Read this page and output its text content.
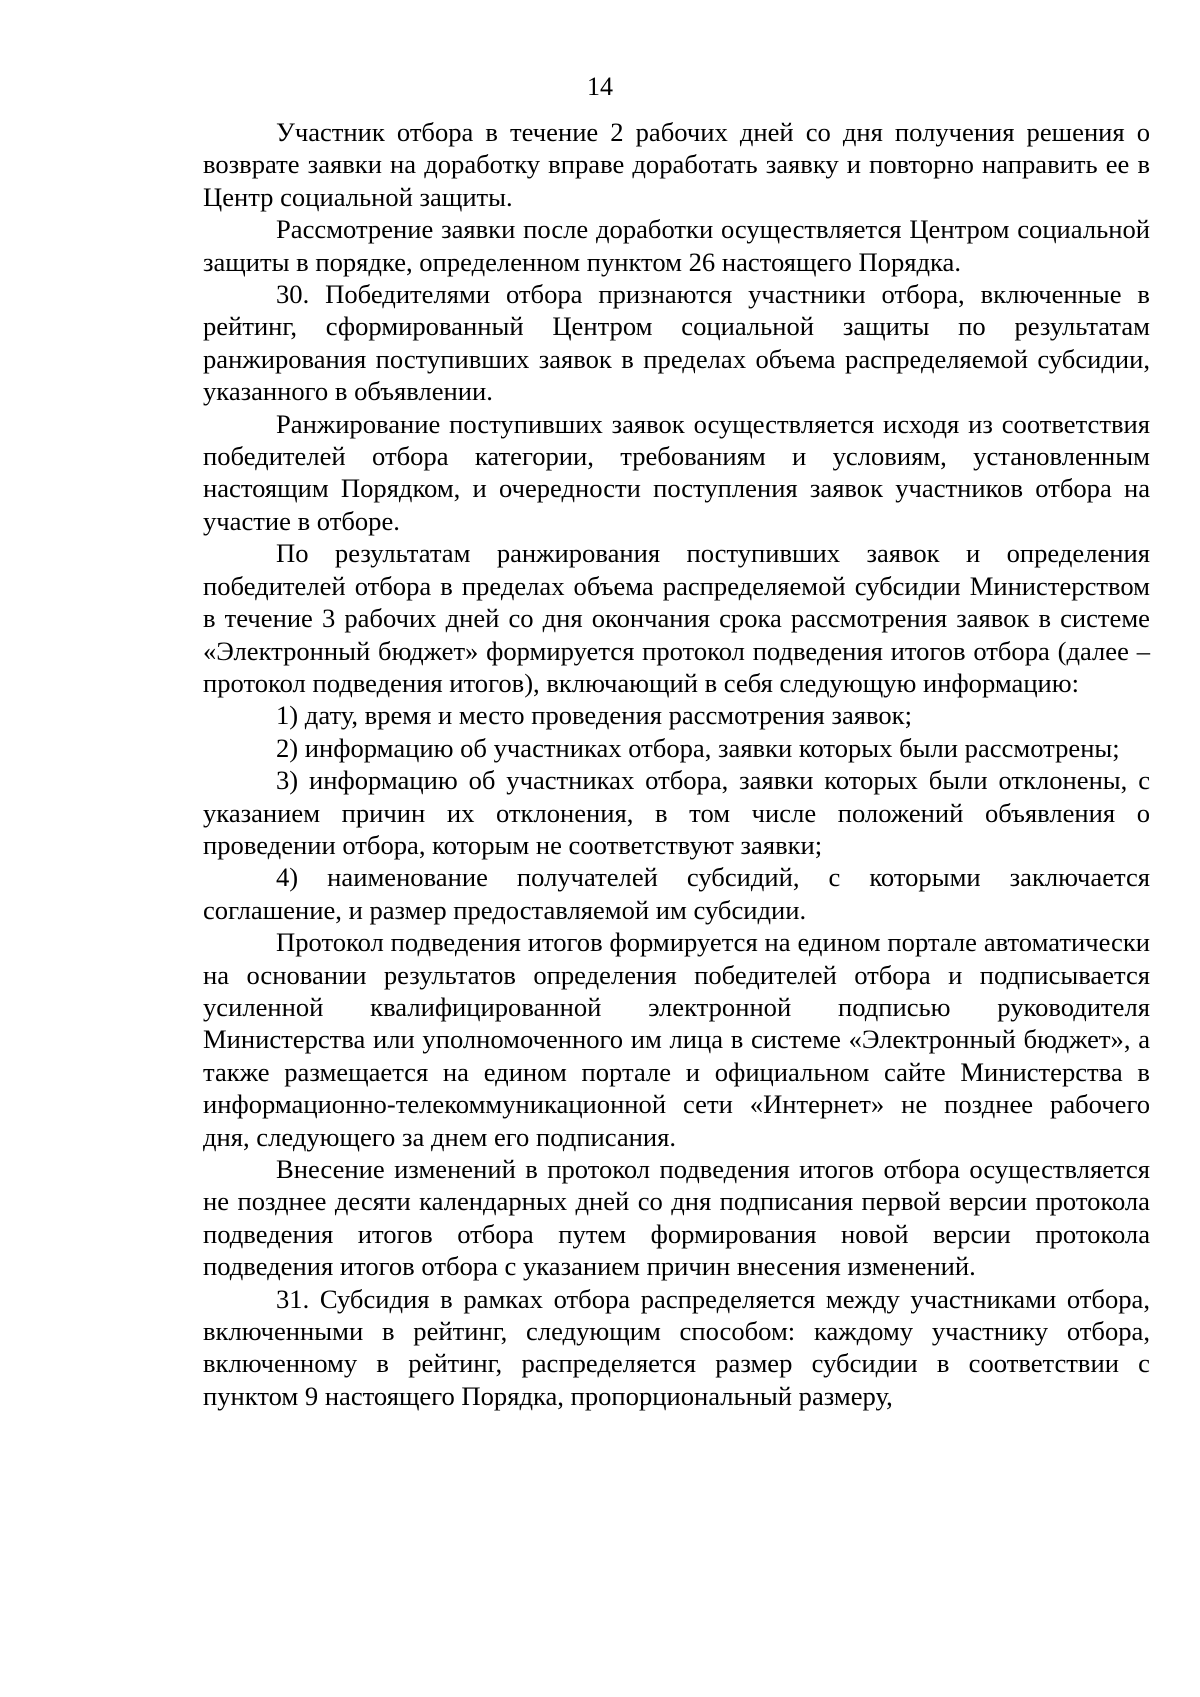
14

Участник отбора в течение 2 рабочих дней со дня получения решения о возврате заявки на доработку вправе доработать заявку и повторно направить ее в Центр социальной защиты.

Рассмотрение заявки после доработки осуществляется Центром социальной защиты в порядке, определенном пунктом 26 настоящего Порядка.

30. Победителями отбора признаются участники отбора, включенные в рейтинг, сформированный Центром социальной защиты по результатам ранжирования поступивших заявок в пределах объема распределяемой субсидии, указанного в объявлении.

Ранжирование поступивших заявок осуществляется исходя из соответствия победителей отбора категории, требованиям и условиям, установленным настоящим Порядком, и очередности поступления заявок участников отбора на участие в отборе.

По результатам ранжирования поступивших заявок и определения победителей отбора в пределах объема распределяемой субсидии Министерством в течение 3 рабочих дней со дня окончания срока рассмотрения заявок в системе «Электронный бюджет» формируется протокол подведения итогов отбора (далее – протокол подведения итогов), включающий в себя следующую информацию:

1) дату, время и место проведения рассмотрения заявок;

2) информацию об участниках отбора, заявки которых были рассмотрены;

3) информацию об участниках отбора, заявки которых были отклонены, с указанием причин их отклонения, в том числе положений объявления о проведении отбора, которым не соответствуют заявки;

4) наименование получателей субсидий, с которыми заключается соглашение, и размер предоставляемой им субсидии.

Протокол подведения итогов формируется на едином портале автоматически на основании результатов определения победителей отбора и подписывается усиленной квалифицированной электронной подписью руководителя Министерства или уполномоченного им лица в системе «Электронный бюджет», а также размещается на едином портале и официальном сайте Министерства в информационно-телекоммуникационной сети «Интернет» не позднее рабочего дня, следующего за днем его подписания.

Внесение изменений в протокол подведения итогов отбора осуществляется не позднее десяти календарных дней со дня подписания первой версии протокола подведения итогов отбора путем формирования новой версии протокола подведения итогов отбора с указанием причин внесения изменений.

31. Субсидия в рамках отбора распределяется между участниками отбора, включенными в рейтинг, следующим способом: каждому участнику отбора, включенному в рейтинг, распределяется размер субсидии в соответствии с пунктом 9 настоящего Порядка, пропорциональный размеру,
